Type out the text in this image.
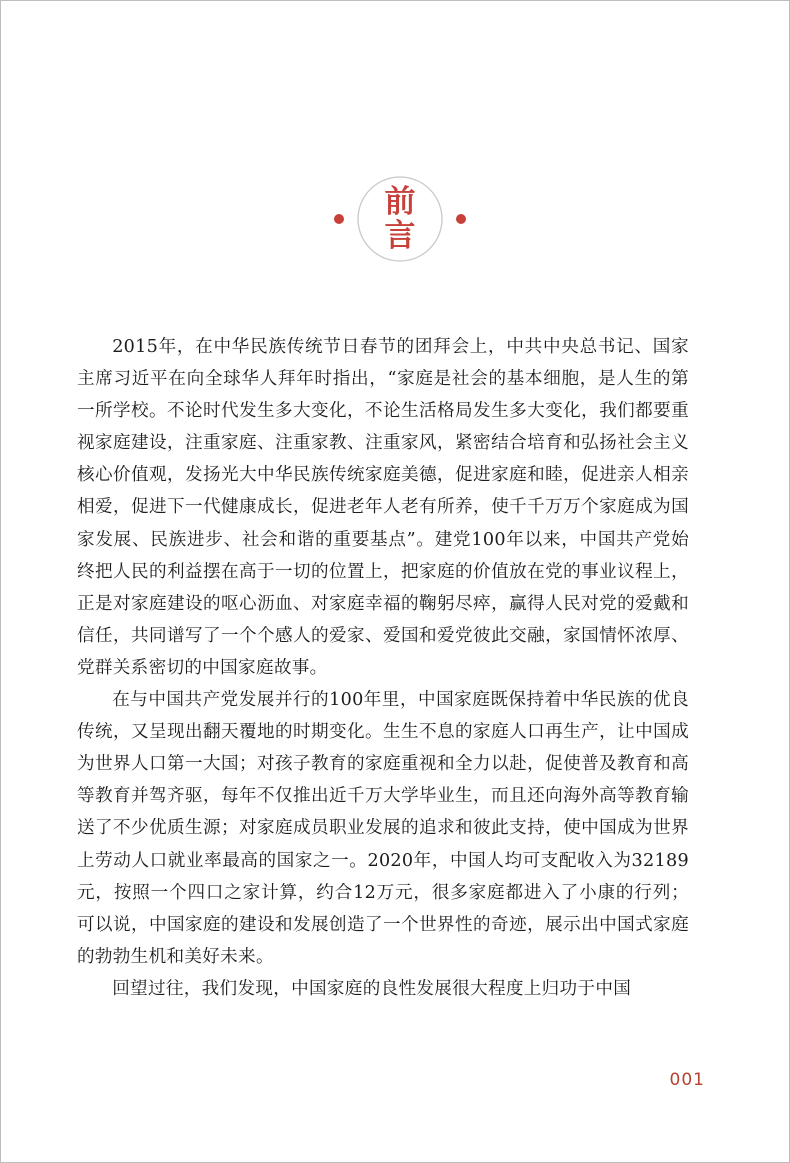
前
言

2015年，在中华民族传统节日春节的团拜会上，中共中央总书记、国家主席习近平在向全球华人拜年时指出，“家庭是社会的基本细胞，是人生的第一所学校。不论时代发生多大变化，不论生活格局发生多大变化，我们都要重视家庭建设，注重家庭、注重家教、注重家风，紧密结合培育和弘扬社会主义核心价值观，发扬光大中华民族传统家庭美德，促进家庭和睦，促进亲人相亲相爱，促进下一代健康成长，促进老年人老有所养，使千千万万个家庭成为国家发展、民族进步、社会和谐的重要基点”。建党100年以来，中国共产党始终把人民的利益摆在高于一切的位置上，把家庭的价值放在党的事业议程上，正是对家庭建设的呕心沥血、对家庭幸福的鞠躬尽瘁，赢得人民对党的爱戴和信任，共同谱写了一个个感人的爱家、爱国和爱党彼此交融，家国情怀浓厚、党群关系密切的中国家庭故事。

在与中国共产党发展并行的100年里，中国家庭既保持着中华民族的优良传统，又呈现出翻天覆地的时期变化。生生不息的家庭人口再生产，让中国成为世界人口第一大国；对孩子教育的家庭重视和全力以赴，促使普及教育和高等教育并驾齐驱，每年不仅推出近千万大学毕业生，而且还向海外高等教育输送了不少优质生源；对家庭成员职业发展的追求和彼此支持，使中国成为世界上劳动人口就业率最高的国家之一。2020年，中国人均可支配收入为32189元，按照一个四口之家计算，约合12万元，很多家庭都进入了小康的行列；可以说，中国家庭的建设和发展创造了一个世界性的奇迹，展示出中国式家庭的勃勃生机和美好未来。

回望过往，我们发现，中国家庭的良性发展很大程度上归功于中国

001
